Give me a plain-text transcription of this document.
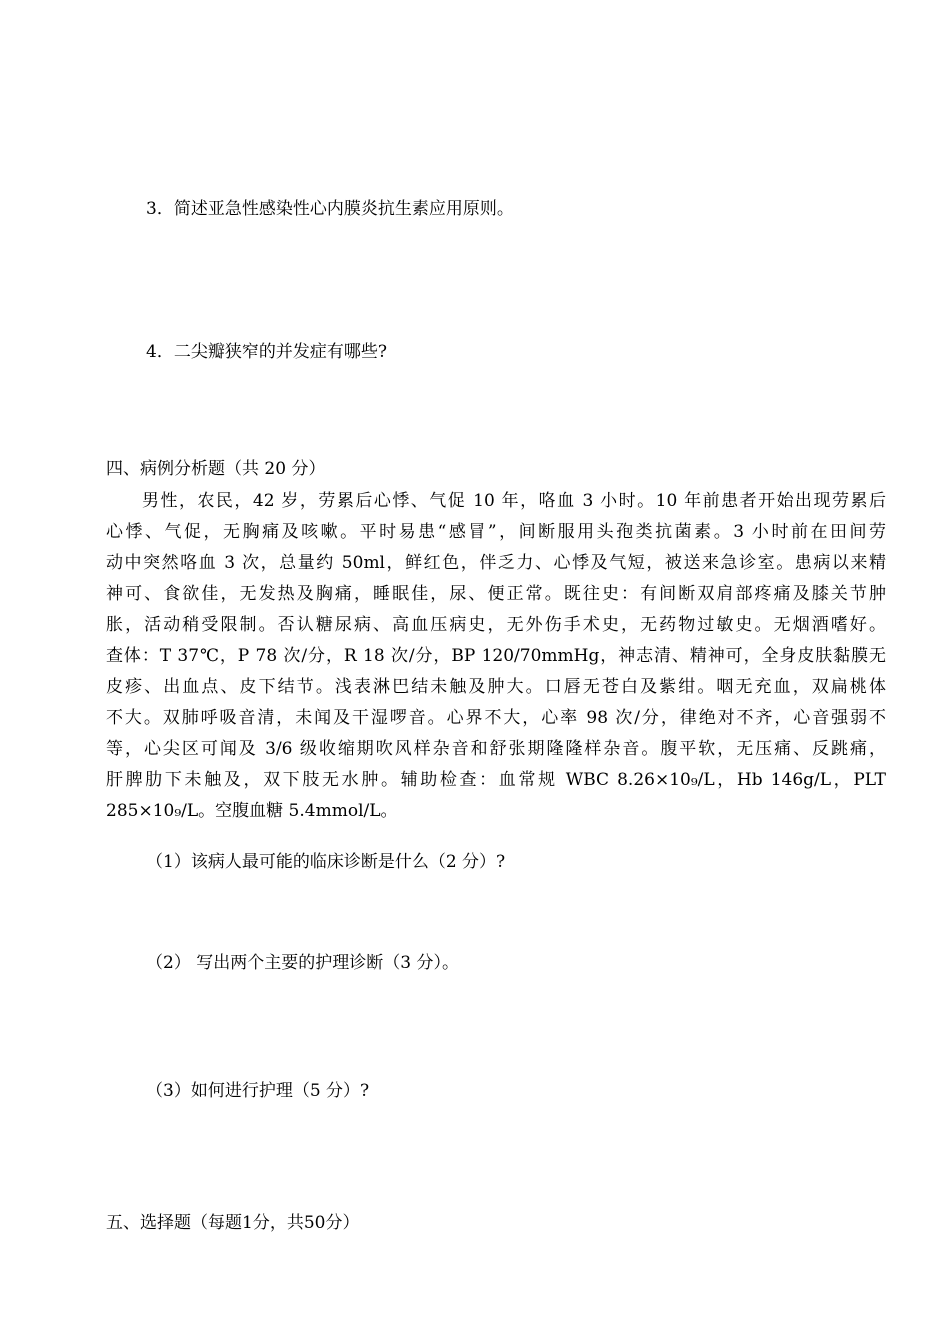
3．简述亚急性感染性心内膜炎抗生素应用原则。
4．二尖瓣狭窄的并发症有哪些?
四、病例分析题（共 20 分）
男性，农民，42 岁，劳累后心悸、气促 10 年，咯血 3 小时。10 年前患者开始出现劳累后
心悸、气促，无胸痛及咳嗽。平时易患“感冒”，间断服用头孢类抗菌素。3 小时前在田间劳
动中突然咯血 3 次，总量约 50ml，鲜红色，伴乏力、心悸及气短，被送来急诊室。患病以来精
神可、食欲佳，无发热及胸痛，睡眠佳，尿、便正常。既往史：有间断双肩部疼痛及膝关节肿
胀，活动稍受限制。否认糖尿病、高血压病史，无外伤手术史，无药物过敏史。无烟酒嗜好。
查体：T 37℃，P 78 次/分，R 18 次/分，BP 120/70mmHg，神志清、精神可，全身皮肤黏膜无
皮疹、出血点、皮下结节。浅表淋巴结未触及肿大。口唇无苍白及紫绀。咽无充血，双扁桃体
不大。双肺呼吸音清，未闻及干湿啰音。心界不大，心率 98 次/分，律绝对不齐，心音强弱不
等，心尖区可闻及 3/6 级收缩期吹风样杂音和舒张期隆隆样杂音。腹平软，无压痛、反跳痛，
肝脾肋下未触及，双下肢无水肿。辅助检查：血常规 WBC 8.26×10₉/L，Hb 146g/L，PLT
285×10₉/L。空腹血糖 5.4mmol/L。
（1）该病人最可能的临床诊断是什么（2 分）?
（2） 写出两个主要的护理诊断（3 分）。
（3）如何进行护理（5 分）?
五、选择题（每题1分，共50分）
